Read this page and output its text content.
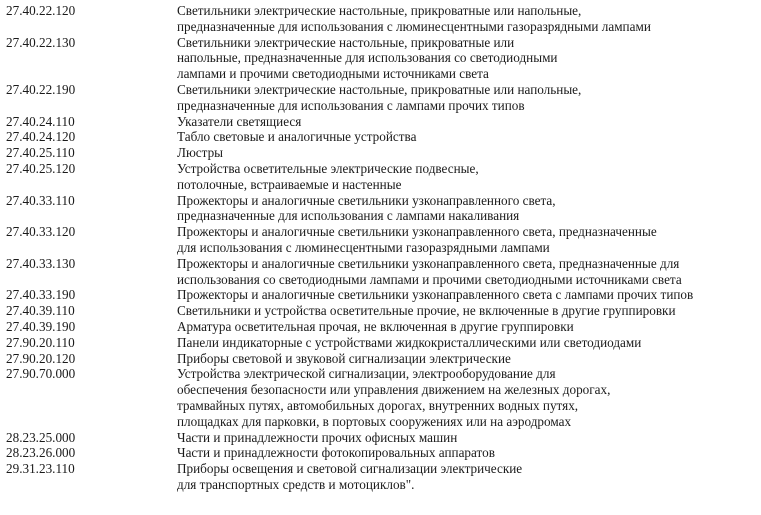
27.40.22.120	Светильники электрические настольные, прикроватные или напольные,
предназначенные для использования с люминесцентными газоразрядными лампами
27.40.22.130	Светильники электрические настольные, прикроватные или
напольные, предназначенные для использования со светодиодными
лампами и прочими светодиодными источниками света
27.40.22.190	Светильники электрические настольные, прикроватные или напольные,
предназначенные для использования с лампами прочих типов
27.40.24.110	Указатели светящиеся
27.40.24.120	Табло световые и аналогичные устройства
27.40.25.110	Люстры
27.40.25.120	Устройства осветительные электрические подвесные,
потолочные, встраиваемые и настенные
27.40.33.110	Прожекторы и аналогичные светильники узконаправленного света,
предназначенные для использования с лампами накаливания
27.40.33.120	Прожекторы и аналогичные светильники узконаправленного света, предназначенные
для использования с люминесцентными газоразрядными лампами
27.40.33.130	Прожекторы и аналогичные светильники узконаправленного света, предназначенные для
использования со светодиодными лампами и прочими светодиодными источниками света
27.40.33.190	Прожекторы и аналогичные светильники узконаправленного света с лампами прочих типов
27.40.39.110	Светильники и устройства осветительные прочие, не включенные в другие группировки
27.40.39.190	Арматура осветительная прочая, не включенная в другие группировки
27.90.20.110	Панели индикаторные с устройствами жидкокристаллическими или светодиодами
27.90.20.120	Приборы световой и звуковой сигнализации электрические
27.90.70.000	Устройства электрической сигнализации, электрооборудование для
обеспечения безопасности или управления движением на железных дорогах,
трамвайных путях, автомобильных дорогах, внутренних водных путях,
площадках для парковки, в портовых сооружениях или на аэродромах
28.23.25.000	Части и принадлежности прочих офисных машин
28.23.26.000	Части и принадлежности фотокопировальных аппаратов
29.31.23.110	Приборы освещения и световой сигнализации электрические
для транспортных средств и мотоциклов".
